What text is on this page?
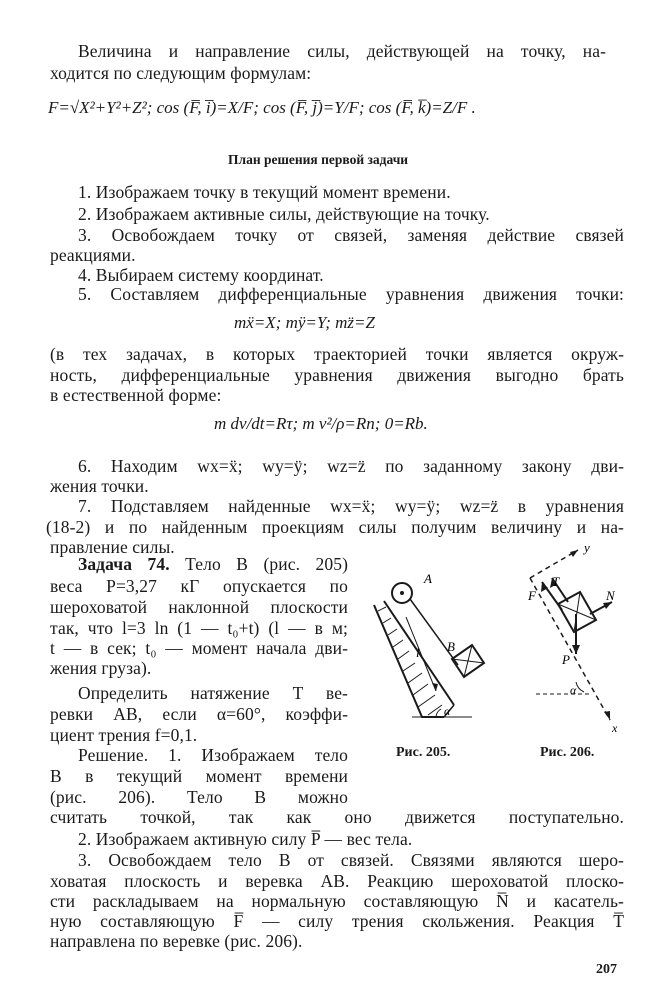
Величина и направление силы, действующей на точку, на-
ходится по следующим формулам:
F=√X²+Y²+Z²; cos (F̅, i̅)=X/F; cos (F̅, j̅)=Y/F; cos (F̅, k̅)=Z/F .
План решения первой задачи
1. Изображаем точку в текущий момент времени.
2. Изображаем активные силы, действующие на точку.
3. Освобождаем точку от связей, заменяя действие связей
реакциями.
4. Выбираем систему координат.
5. Составляем дифференциальные уравнения движения точки:
mẍ=X; mÿ=Y; mz̈=Z
(в тех задачах, в которых траекторией точки является окруж-
ность, дифференциальные уравнения движения выгодно брать
в естественной форме:
m dv/dt=Rτ; m v²/ρ=Rn; 0=Rb.
6. Находим wx=ẍ; wy=ÿ; wz=z̈ по заданному закону дви-
жения точки.
7. Подставляем найденные wx=ẍ; wy=ÿ; wz=z̈ в уравнения
(18-2) и по найденным проекциям силы получим величину и на-
правление силы.
Задача 74. Тело B (рис. 205)
веса P=3,27 кГ опускается по
шероховатой наклонной плоскости
так, что l=3 ln (1 — t₀+t) (l — в м;
t — в сек; t₀ — момент начала дви-
жения груза).
Определить натяжение T ве-
ревки AB, если α=60°, коэффи-
циент трения f=0,1.
Решение. 1. Изображаем тело
B в текущий момент времени
(рис. 206). Тело B можно
A
B
l
α
Рис. 205.
y
T
F	N
P
α
x
Рис. 206.
считать точкой, так как оно движется поступательно.
2. Изображаем активную силу P̅ — вес тела.
3. Освобождаем тело B от связей. Связями являются шеро-
ховатая плоскость и веревка AB. Реакцию шероховатой плоско-
сти раскладываем на нормальную составляющую N̅ и касатель-
ную составляющую F̅ — силу трения скольжения. Реакция T̅
направлена по веревке (рис. 206).
207
